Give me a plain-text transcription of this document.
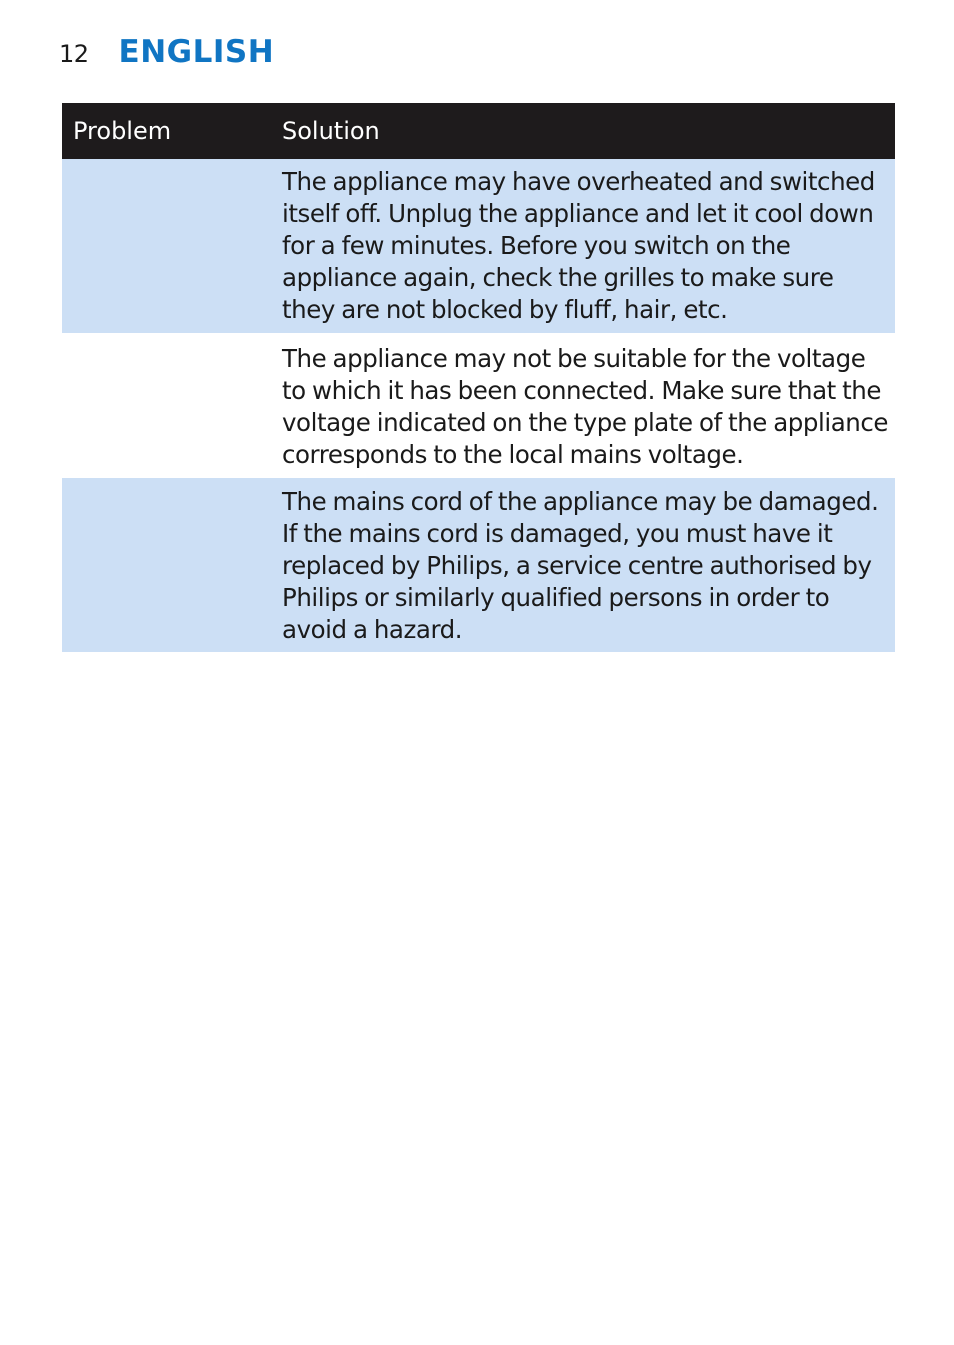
12 ENGLISH
Problem	Solution
The appliance may have overheated and switched itself off. Unplug the appliance and let it cool down for a few minutes. Before you switch on the appliance again, check the grilles to make sure they are not blocked by fluff, hair, etc.
The appliance may not be suitable for the voltage to which it has been connected. Make sure that the voltage indicated on the type plate of the appliance corresponds to the local mains voltage.
The mains cord of the appliance may be damaged. If the mains cord is damaged, you must have it replaced by Philips, a service centre authorised by Philips or similarly qualified persons in order to avoid a hazard.
